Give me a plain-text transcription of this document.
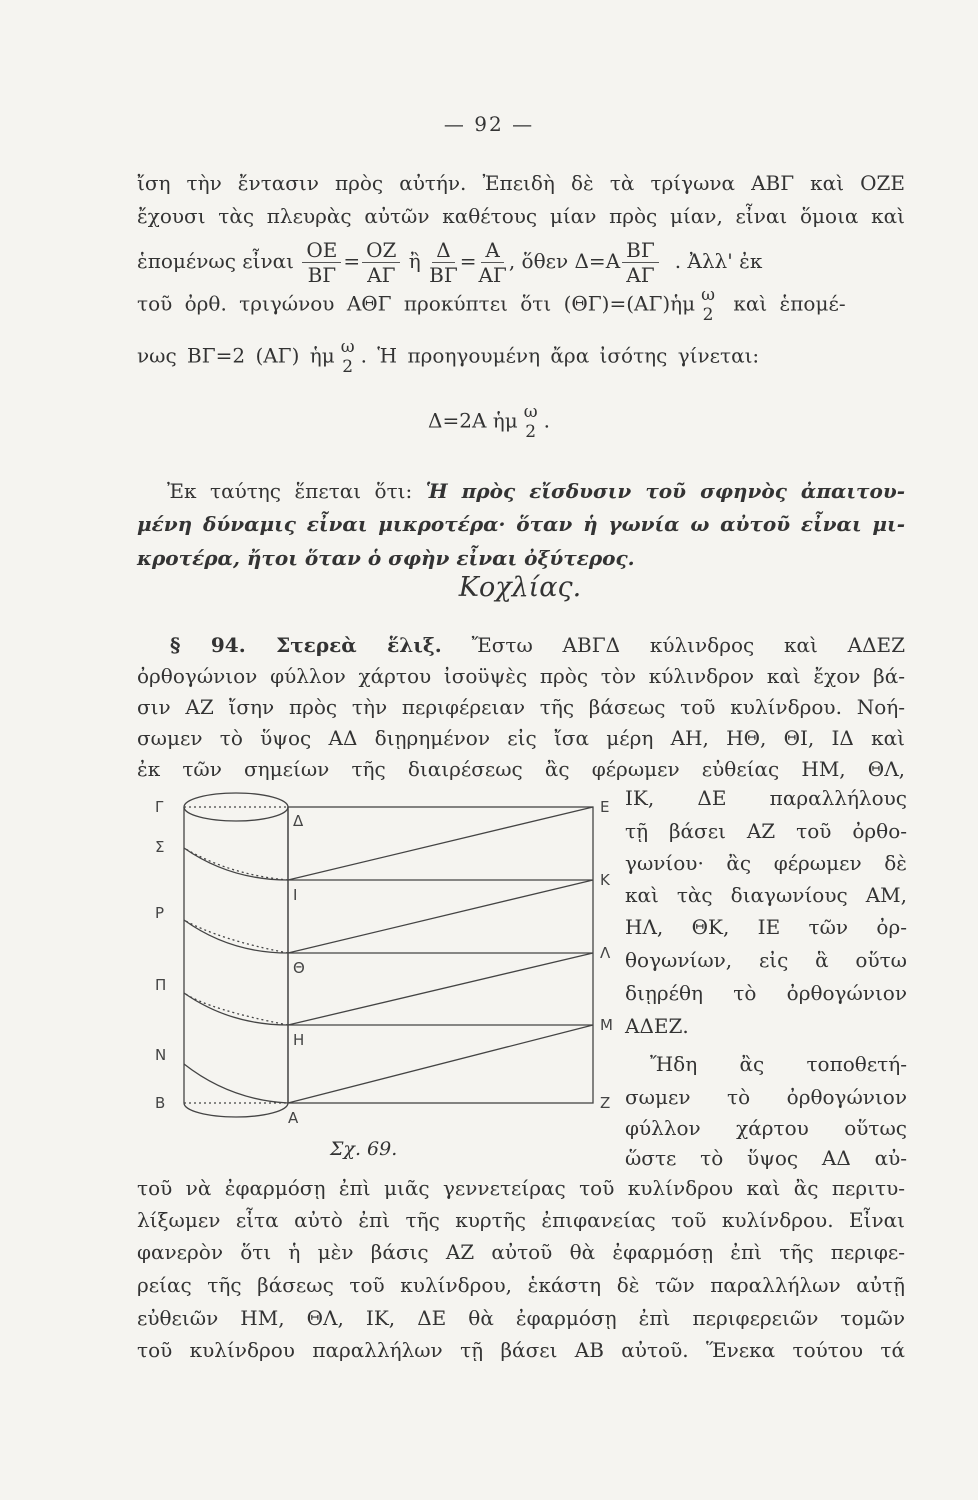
— 92 —
ἴση τὴν ἔντασιν πρὸς αὐτήν. Ἐπειδὴ δὲ τὰ τρίγωνα ΑΒΓ καὶ ΟΖΕ
ἔχουσι τὰς πλευρὰς αὐτῶν καθέτους μίαν πρὸς μίαν, εἶναι ὅμοια καὶ
ἑπομένως εἶναι $\frac{OE}{B\Gamma} = \frac{OZ}{A\Gamma}$ ἢ $\frac{\Delta}{B\Gamma} = \frac{A}{A\Gamma}$ , ὅθεν $\Delta=A \frac{B\Gamma}{A\Gamma}$ . Ἀλλ' ἐκ
τοῦ ὀρθ. τριγώνου ΑΘΓ προκύπτει ὅτι (ΘΓ)=(ΑΓ)ἡμ ω
2 καὶ ἑπομέ-
νως ΒΓ=2 (ΑΓ) ἡμ ω
2 . Ἡ προηγουμένη ἄρα ἰσότης γίνεται:
Δ=2Α ἡμ ω
2 .
Ἐκ ταύτης ἕπεται ὅτι: Ἡ πρὸς εἴσδυσιν τοῦ σφηνὸς ἀπαιτου-
μένη δύναμις εἶναι μικροτέρα· ὅταν ἡ γωνία ω αὐτοῦ εἶναι μι-
κροτέρα, ἤτοι ὅταν ὁ σφὴν εἶναι ὀξύτερος.
Κοχλίας.
§ 94. Στερεὰ ἕλιξ. Ἔστω ΑΒΓΔ κύλινδρος καὶ ΑΔΕΖ
ὀρθογώνιον φύλλον χάρτου ἰσοϋψὲς πρὸς τὸν κύλινδρον καὶ ἔχον βά-
σιν ΑΖ ἴσην πρὸς τὴν περιφέρειαν τῆς βάσεως τοῦ κυλίνδρου. Νοή-
σωμεν τὸ ὕψος ΑΔ διῃρημένον εἰς ἴσα μέρη ΑΗ, ΗΘ, ΘΙ, ΙΔ καὶ
ἐκ τῶν σημείων τῆς διαιρέσεως ἂς φέρωμεν εὐθείας ΗΜ, ΘΛ,
ΙΚ, ΔΕ παραλλήλους
τῇ βάσει ΑΖ τοῦ ὀρθο-
γωνίου· ἂς φέρωμεν δὲ
καὶ τὰς διαγωνίους ΑΜ,
ΗΛ, ΘΚ, ΙΕ τῶν ὀρ-
θογωνίων, εἰς ἃ οὕτω
διῃρέθη τὸ ὀρθογώνιον
ΑΔΕΖ.
Ἤδη ἂς τοποθετή-
σωμεν τὸ ὀρθογώνιον
φύλλον χάρτου οὕτως
ὥστε τὸ ὕψος ΑΔ αὐ-
Γ
Σ
Ρ
Π
Ν
Β
Δ
Ι
Θ
Η
Α
Ε
Κ
Λ
Μ
Ζ
Σχ. 69.
τοῦ νὰ ἐφαρμόσῃ ἐπὶ μιᾶς γεννετείρας τοῦ κυλίνδρου καὶ ἂς περιτυ-
λίξωμεν εἶτα αὐτὸ ἐπὶ τῆς κυρτῆς ἐπιφανείας τοῦ κυλίνδρου. Εἶναι
φανερὸν ὅτι ἡ μὲν βάσις ΑΖ αὐτοῦ θὰ ἐφαρμόσῃ ἐπὶ τῆς περιφε-
ρείας τῆς βάσεως τοῦ κυλίνδρου, ἑκάστη δὲ τῶν παραλλήλων αὐτῇ
εὐθειῶν ΗΜ, ΘΛ, ΙΚ, ΔΕ θὰ ἐφαρμόσῃ ἐπὶ περιφερειῶν τομῶν
τοῦ κυλίνδρου παραλλήλων τῇ βάσει ΑΒ αὐτοῦ. Ἕνεκα τούτου τά
